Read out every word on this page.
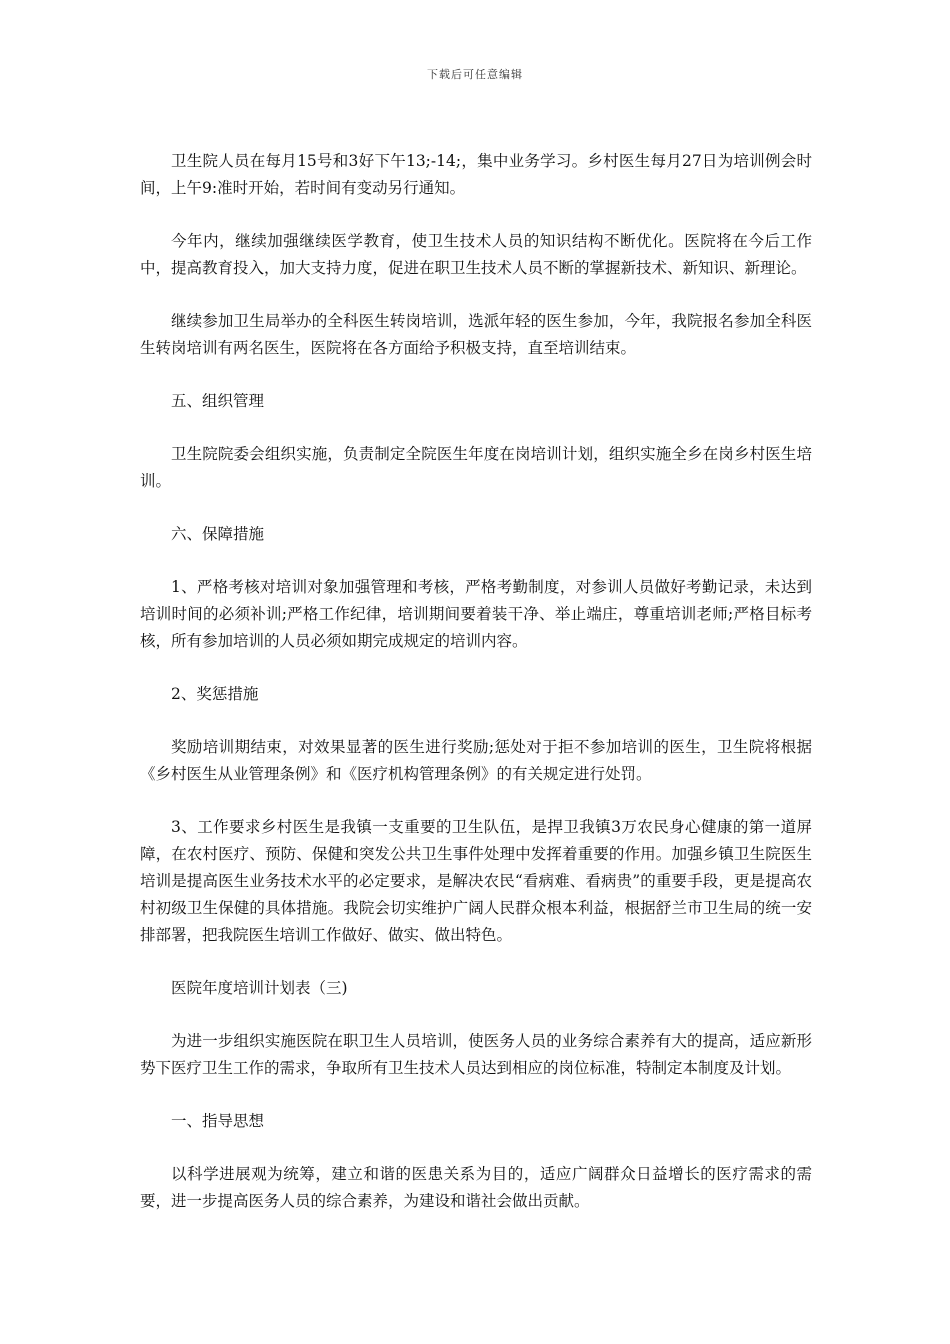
下载后可任意编辑

卫生院人员在每月15号和3好下午13;-14;，集中业务学习。乡村医生每月27日为培训例会时间，上午9:准时开始，若时间有变动另行通知。

今年内，继续加强继续医学教育，使卫生技术人员的知识结构不断优化。医院将在今后工作中，提高教育投入，加大支持力度，促进在职卫生技术人员不断的掌握新技术、新知识、新理论。

继续参加卫生局举办的全科医生转岗培训，选派年轻的医生参加，今年，我院报名参加全科医生转岗培训有两名医生，医院将在各方面给予积极支持，直至培训结束。

五、组织管理

卫生院院委会组织实施，负责制定全院医生年度在岗培训计划，组织实施全乡在岗乡村医生培训。

六、保障措施

1、严格考核对培训对象加强管理和考核，严格考勤制度，对参训人员做好考勤记录，未达到培训时间的必须补训;严格工作纪律，培训期间要着装干净、举止端庄，尊重培训老师;严格目标考核，所有参加培训的人员必须如期完成规定的培训内容。

2、奖惩措施

奖励培训期结束，对效果显著的医生进行奖励;惩处对于拒不参加培训的医生，卫生院将根据《乡村医生从业管理条例》和《医疗机构管理条例》的有关规定进行处罚。

3、工作要求乡村医生是我镇一支重要的卫生队伍，是捍卫我镇3万农民身心健康的第一道屏障，在农村医疗、预防、保健和突发公共卫生事件处理中发挥着重要的作用。加强乡镇卫生院医生培训是提高医生业务技术水平的必定要求，是解决农民“看病难、看病贵”的重要手段，更是提高农村初级卫生保健的具体措施。我院会切实维护广阔人民群众根本利益，根据舒兰市卫生局的统一安排部署，把我院医生培训工作做好、做实、做出特色。

医院年度培训计划表（三)

为进一步组织实施医院在职卫生人员培训，使医务人员的业务综合素养有大的提高，适应新形势下医疗卫生工作的需求，争取所有卫生技术人员达到相应的岗位标准，特制定本制度及计划。

一、指导思想

以科学进展观为统筹，建立和谐的医患关系为目的，适应广阔群众日益增长的医疗需求的需要，进一步提高医务人员的综合素养，为建设和谐社会做出贡献。
